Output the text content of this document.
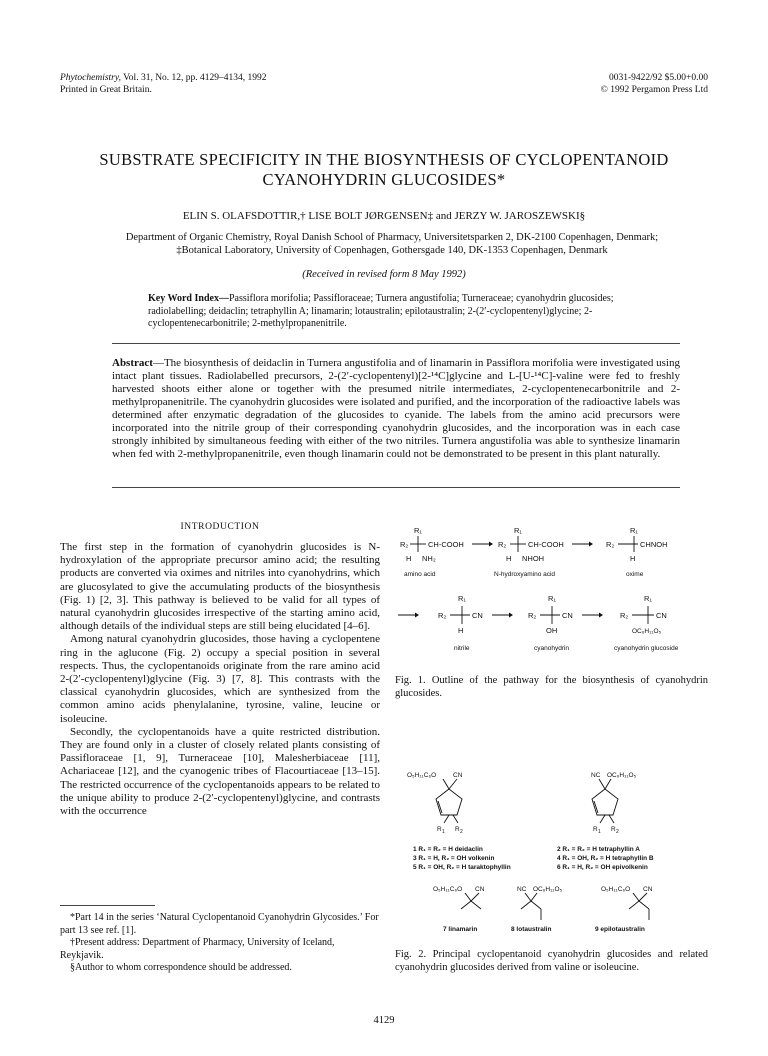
Phytochemistry, Vol. 31, No. 12, pp. 4129–4134, 1992
Printed in Great Britain.
0031-9422/92 $5.00+0.00
© 1992 Pergamon Press Ltd
SUBSTRATE SPECIFICITY IN THE BIOSYNTHESIS OF CYCLOPENTANOID
CYANOHYDRIN GLUCOSIDES*
ELIN S. OLAFSDOTTIR,† LISE BOLT JØRGENSEN‡ and JERZY W. JAROSZEWSKI§
Department of Organic Chemistry, Royal Danish School of Pharmacy, Universitetsparken 2, DK-2100 Copenhagen, Denmark;
‡Botanical Laboratory, University of Copenhagen, Gothersgade 140, DK-1353 Copenhagen, Denmark
(Received in revised form 8 May 1992)
Key Word Index—Passiflora morifolia; Passifloraceae; Turnera angustifolia; Turneraceae; cyanohydrin glucosides; radiolabelling; deidaclin; tetraphyllin A; linamarin; lotaustralin; epilotaustralin; 2-(2′-cyclopentenyl)glycine; 2-cyclopentenecarbonitrile; 2-methylpropanenitrile.
Abstract—The biosynthesis of deidaclin in Turnera angustifolia and of linamarin in Passiflora morifolia were investigated using intact plant tissues. Radiolabelled precursors, 2-(2′-cyclopentenyl)[2-¹⁴C]glycine and L-[U-¹⁴C]-valine were fed to freshly harvested shoots either alone or together with the presumed nitrile intermediates, 2-cyclopentenecarbonitrile and 2-methylpropanenitrile. The cyanohydrin glucosides were isolated and purified, and the incorporation of the radioactive labels was determined after enzymatic degradation of the glucosides to cyanide. The labels from the amino acid precursors were incorporated into the nitrile group of their corresponding cyanohydrin glucosides, and the incorporation was in each case strongly inhibited by simultaneous feeding with either of the two nitriles. Turnera angustifolia was able to synthesize linamarin when fed with 2-methylpropanenitrile, even though linamarin could not be demonstrated to be present in this plant naturally.
INTRODUCTION

The first step in the formation of cyanohydrin glucosides is N-hydroxylation of the appropriate precursor amino acid; the resulting products are converted via oximes and nitriles into cyanohydrins, which are glucosylated to give the accumulating products of the biosynthesis (Fig. 1) [2, 3]. This pathway is believed to be valid for all types of natural cyanohydrin glucosides irrespective of the starting amino acid, although details of the individual steps are still being elucidated [4–6].

Among natural cyanohydrin glucosides, those having a cyclopentene ring in the aglucone (Fig. 2) occupy a special position in several respects. Thus, the cyclopentanoids originate from the rare amino acid 2-(2′-cyclopentenyl)glycine (Fig. 3) [7, 8]. This contrasts with the classical cyanohydrin glucosides, which are synthesized from the common amino acids phenylalanine, tyrosine, valine, leucine or isoleucine.

Secondly, the cyclopentanoids have a quite restricted distribution. They are found only in a cluster of closely related plants consisting of Passifloraceae [1, 9], Turneraceae [10], Malesherbiaceae [11], Achariaceae [12], and the cyanogenic tribes of Flacourtiaceae [13–15]. The restricted occurrence of the cyclopentanoids appears to be related to the unique ability to produce 2-(2′-cyclopentenyl)glycine, and contrasts with the occurrence

*Part 14 in the series ‘Natural Cyclopentanoid Cyanohydrin Glycosides.’ For part 13 see ref. [1].

†Present address: Department of Pharmacy, University of Iceland, Reykjavik.

§Author to whom correspondence should be addressed.

R₁
R₂	CH-COOH
H NH₂
amino acid
R₁
R₂	CH-COOH
H NHOH
N-hydroxyamino acid
R₁
R₂	CHNOH
H
oxime
R₁
R₂	CN
H
nitrile
R₁
R₂	CN
OH
cyanohydrin
R₁
R₂	CN
OC₆H₁₁O₅
cyanohydrin glucoside
Fig. 1. Outline of the pathway for the biosynthesis of cyanohydrin glucosides.
O₅H₁₁C₆O	CN
R 1 R 2
NC OC₆H₁₁O₅
R 1 R 2
1 R₁ = R₂ = H deidaclin
3 R₁ = H, R₂ = OH volkenin
5 R₁ = OH, R₂ = H taraktophyllin
2 R₁ = R₂ = H tetraphyllin A
4 R₁ = OH, R₂ = H tetraphyllin B
6 R₁ = H, R₂ = OH epivolkenin
O₅H₁₁C₆O CN	NC OC₆H₁₁O₅	O₅H₁₁C₆O CN
7 linamarin	8 lotaustralin	9 epilotaustralin
Fig. 2. Principal cyclopentanoid cyanohydrin glucosides and related cyanohydrin glucosides derived from valine or isoleucine.
4129
